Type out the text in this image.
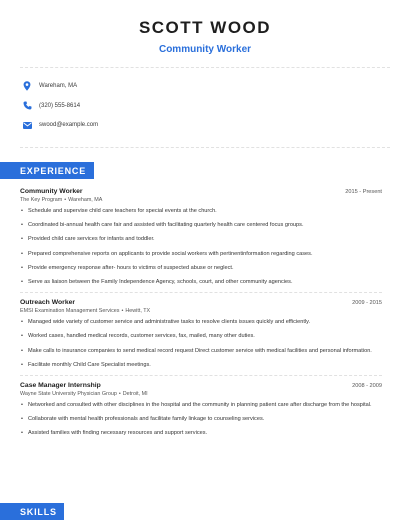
SCOTT WOOD
Community Worker
Wareham, MA
(320) 555-8614
swood@example.com
EXPERIENCE
Community Worker	2015 - Present
The Key Program • Wareham, MA
• Schedule and supervise child care teachers for special events at the church.
• Coordinated bi-annual health care fair and assisted with facilitating quarterly health care centered focus groups.
• Provided child care services for infants and toddler.
• Prepared comprehensive reports on applicants to provide social workers with pertinentinformation regarding cases.
• Provide emergency response after- hours to victims of suspected abuse or neglect.
• Serve as liaison between the Family Independence Agency, schools, court, and other community agencies.
Outreach Worker	2009 - 2015
EMSI Examination Management Services • Hewitt, TX
• Managed wide variety of customer service and administrative tasks to resolve clients issues quickly and efficiently.
• Worked cases, handled medical records, customer services, fax, mailed, many other duties.
• Make calls to insurance companies to send medical record request Direct customer service with medical facilities and personal information.
• Facilitate monthly Child Care Specialist meetings.
Case Manager Internship	2008 - 2009
Wayne State University Physician Group • Detroit, MI
• Networked and consulted with other disciplines in the hospital and the community in planning patient care after discharge from the hospital.
• Collaborate with mental health professionals and facilitate family linkage to counseling services.
• Assisted families with finding necessary resources and support services.
SKILLS
